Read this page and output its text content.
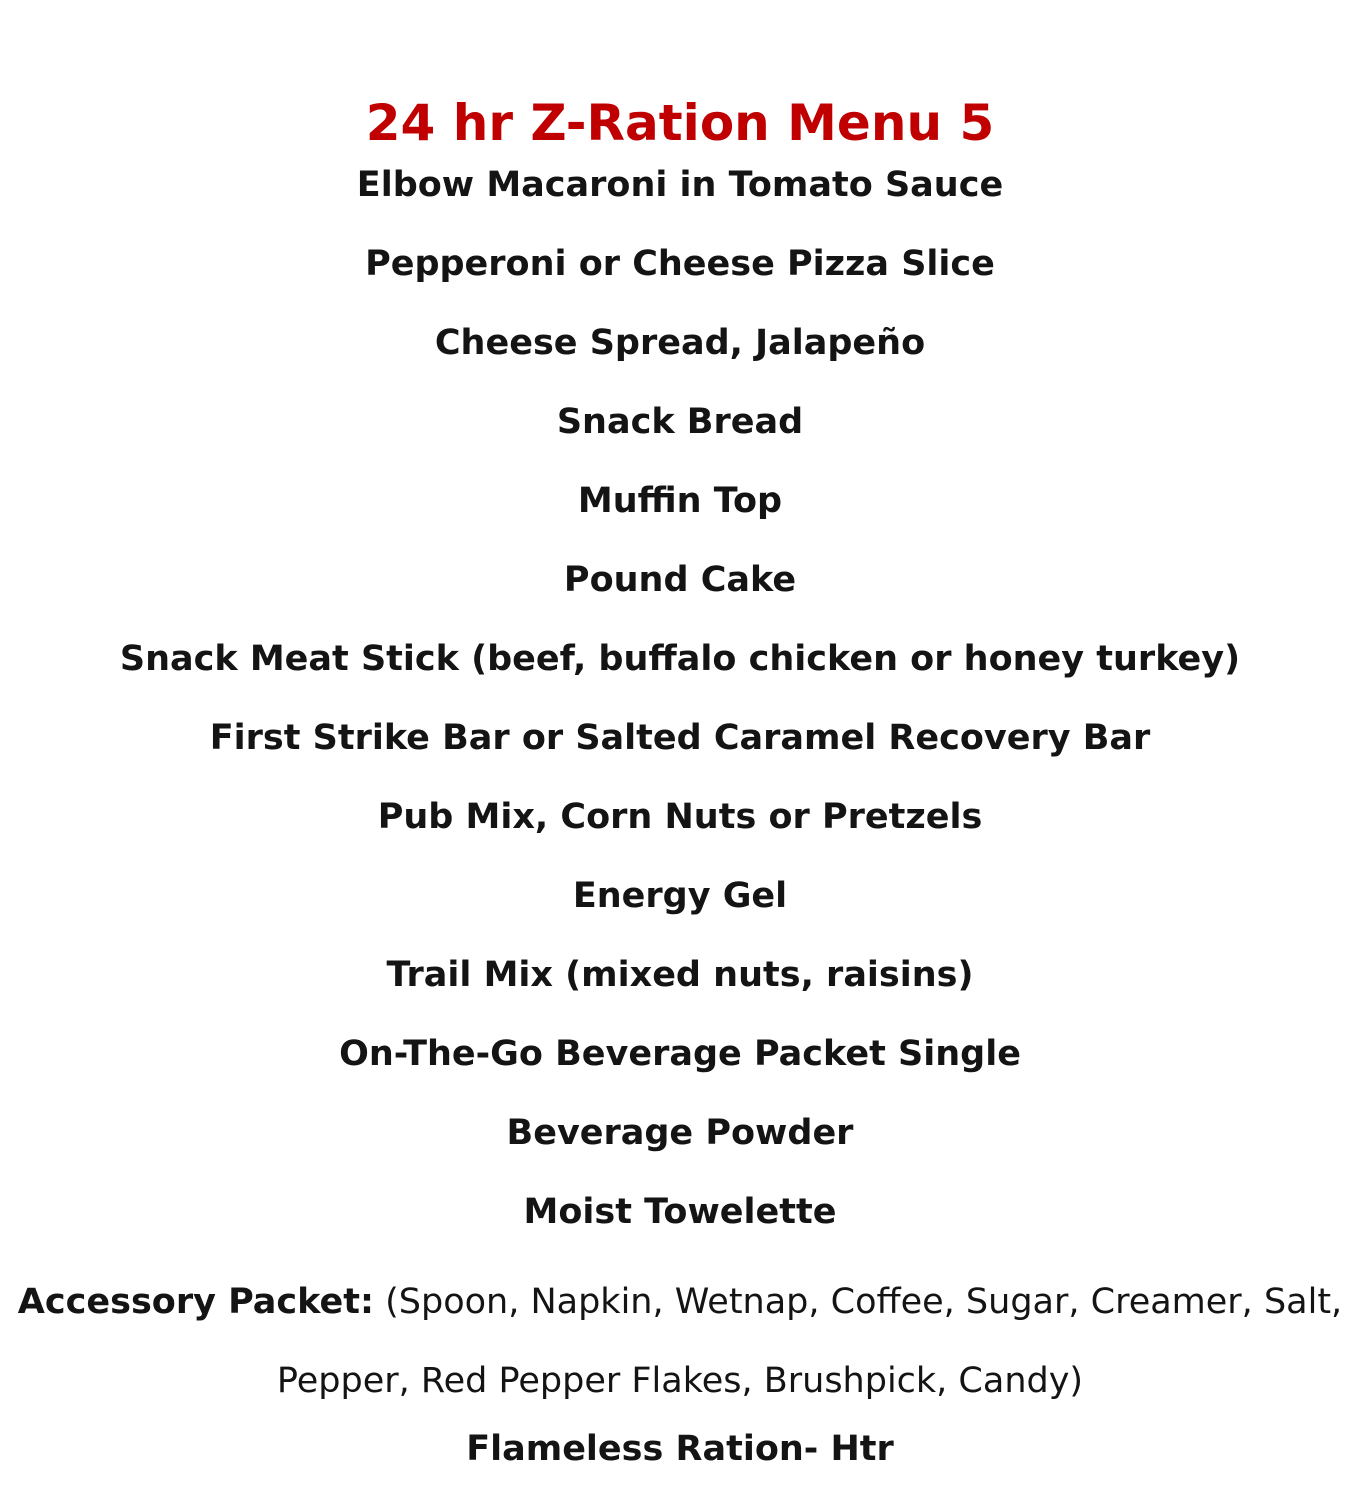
24 hr Z-Ration Menu 5
Elbow Macaroni in Tomato Sauce
Pepperoni or Cheese Pizza Slice
Cheese Spread, Jalapeño
Snack Bread
Muffin Top
Pound Cake
Snack Meat Stick (beef, buffalo chicken or honey turkey)
First Strike Bar or Salted Caramel Recovery Bar
Pub Mix, Corn Nuts or Pretzels
Energy Gel
Trail Mix (mixed nuts, raisins)
On-The-Go Beverage Packet Single
Beverage Powder
Moist Towelette
Accessory Packet: (Spoon, Napkin, Wetnap, Coffee, Sugar, Creamer, Salt,
Pepper, Red Pepper Flakes, Brushpick, Candy)
Flameless Ration- Htr
